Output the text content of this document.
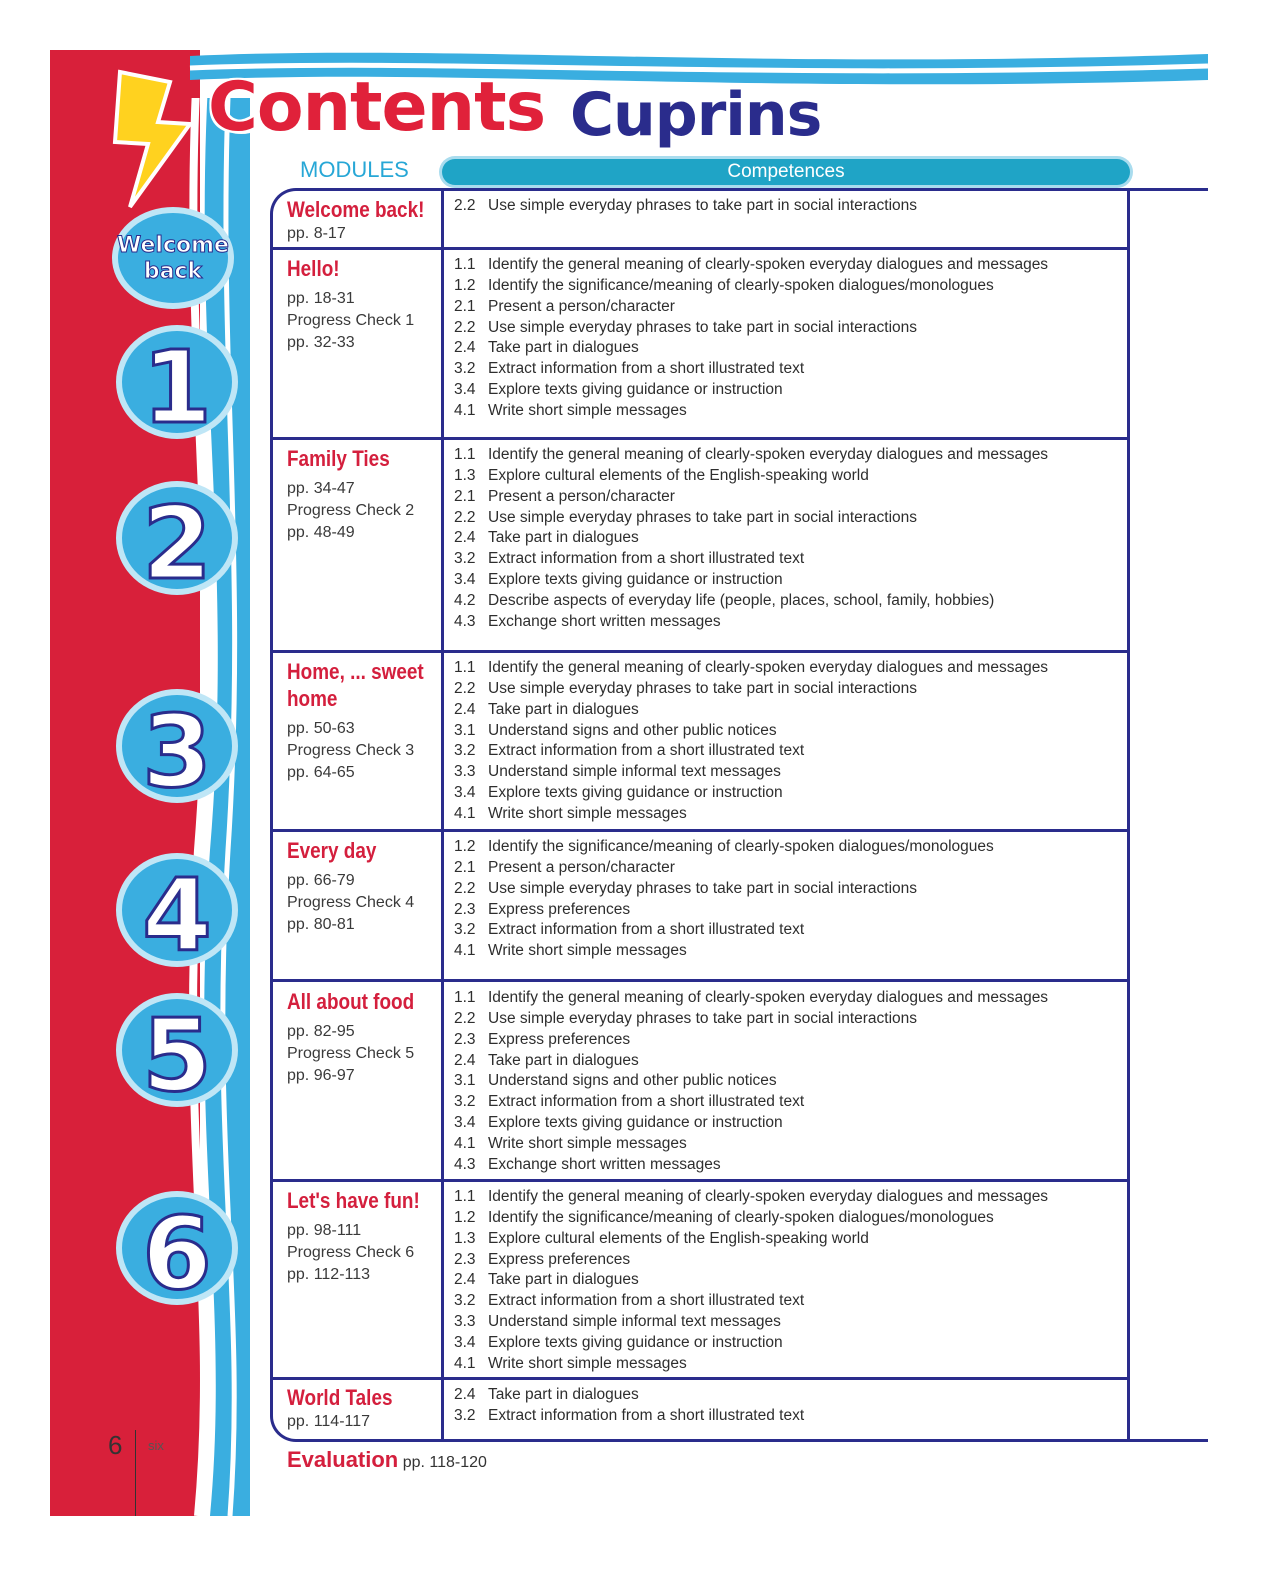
Welcome
back
1
2
3
4
5
6
Contents Cuprins
MODULES	Competences
Welcome back!
pp. 8-17
2.2 Use simple everyday phrases to take part in social interactions
Hello!
pp. 18-31
Progress Check 1
pp. 32-33
1.1 Identify the general meaning of clearly-spoken everyday dialogues and messages
1.2 Identify the significance/meaning of clearly-spoken dialogues/monologues
2.1 Present a person/character
2.2 Use simple everyday phrases to take part in social interactions
2.4 Take part in dialogues
3.2 Extract information from a short illustrated text
3.4 Explore texts giving guidance or instruction
4.1 Write short simple messages
Family Ties
pp. 34-47
Progress Check 2
pp. 48-49
1.1 Identify the general meaning of clearly-spoken everyday dialogues and messages
1.3 Explore cultural elements of the English-speaking world
2.1 Present a person/character
2.2 Use simple everyday phrases to take part in social interactions
2.4 Take part in dialogues
3.2 Extract information from a short illustrated text
3.4 Explore texts giving guidance or instruction
4.2 Describe aspects of everyday life (people, places, school, family, hobbies)
4.3 Exchange short written messages
Home, ... sweet home
pp. 50-63
Progress Check 3
pp. 64-65
1.1 Identify the general meaning of clearly-spoken everyday dialogues and messages
2.2 Use simple everyday phrases to take part in social interactions
2.4 Take part in dialogues
3.1 Understand signs and other public notices
3.2 Extract information from a short illustrated text
3.3 Understand simple informal text messages
3.4 Explore texts giving guidance or instruction
4.1 Write short simple messages
Every day
pp. 66-79
Progress Check 4
pp. 80-81
1.2 Identify the significance/meaning of clearly-spoken dialogues/monologues
2.1 Present a person/character
2.2 Use simple everyday phrases to take part in social interactions
2.3 Express preferences
3.2 Extract information from a short illustrated text
4.1 Write short simple messages
All about food
pp. 82-95
Progress Check 5
pp. 96-97
1.1 Identify the general meaning of clearly-spoken everyday dialogues and messages
2.2 Use simple everyday phrases to take part in social interactions
2.3 Express preferences
2.4 Take part in dialogues
3.1 Understand signs and other public notices
3.2 Extract information from a short illustrated text
3.4 Explore texts giving guidance or instruction
4.1 Write short simple messages
4.3 Exchange short written messages
Let's have fun!
pp. 98-111
Progress Check 6
pp. 112-113
1.1 Identify the general meaning of clearly-spoken everyday dialogues and messages
1.2 Identify the significance/meaning of clearly-spoken dialogues/monologues
1.3 Explore cultural elements of the English-speaking world
2.3 Express preferences
2.4 Take part in dialogues
3.2 Extract information from a short illustrated text
3.3 Understand simple informal text messages
3.4 Explore texts giving guidance or instruction
4.1 Write short simple messages
World Tales
pp. 114-117
2.4 Take part in dialogues
3.2 Extract information from a short illustrated text
Evaluation pp. 118-120
6 six
